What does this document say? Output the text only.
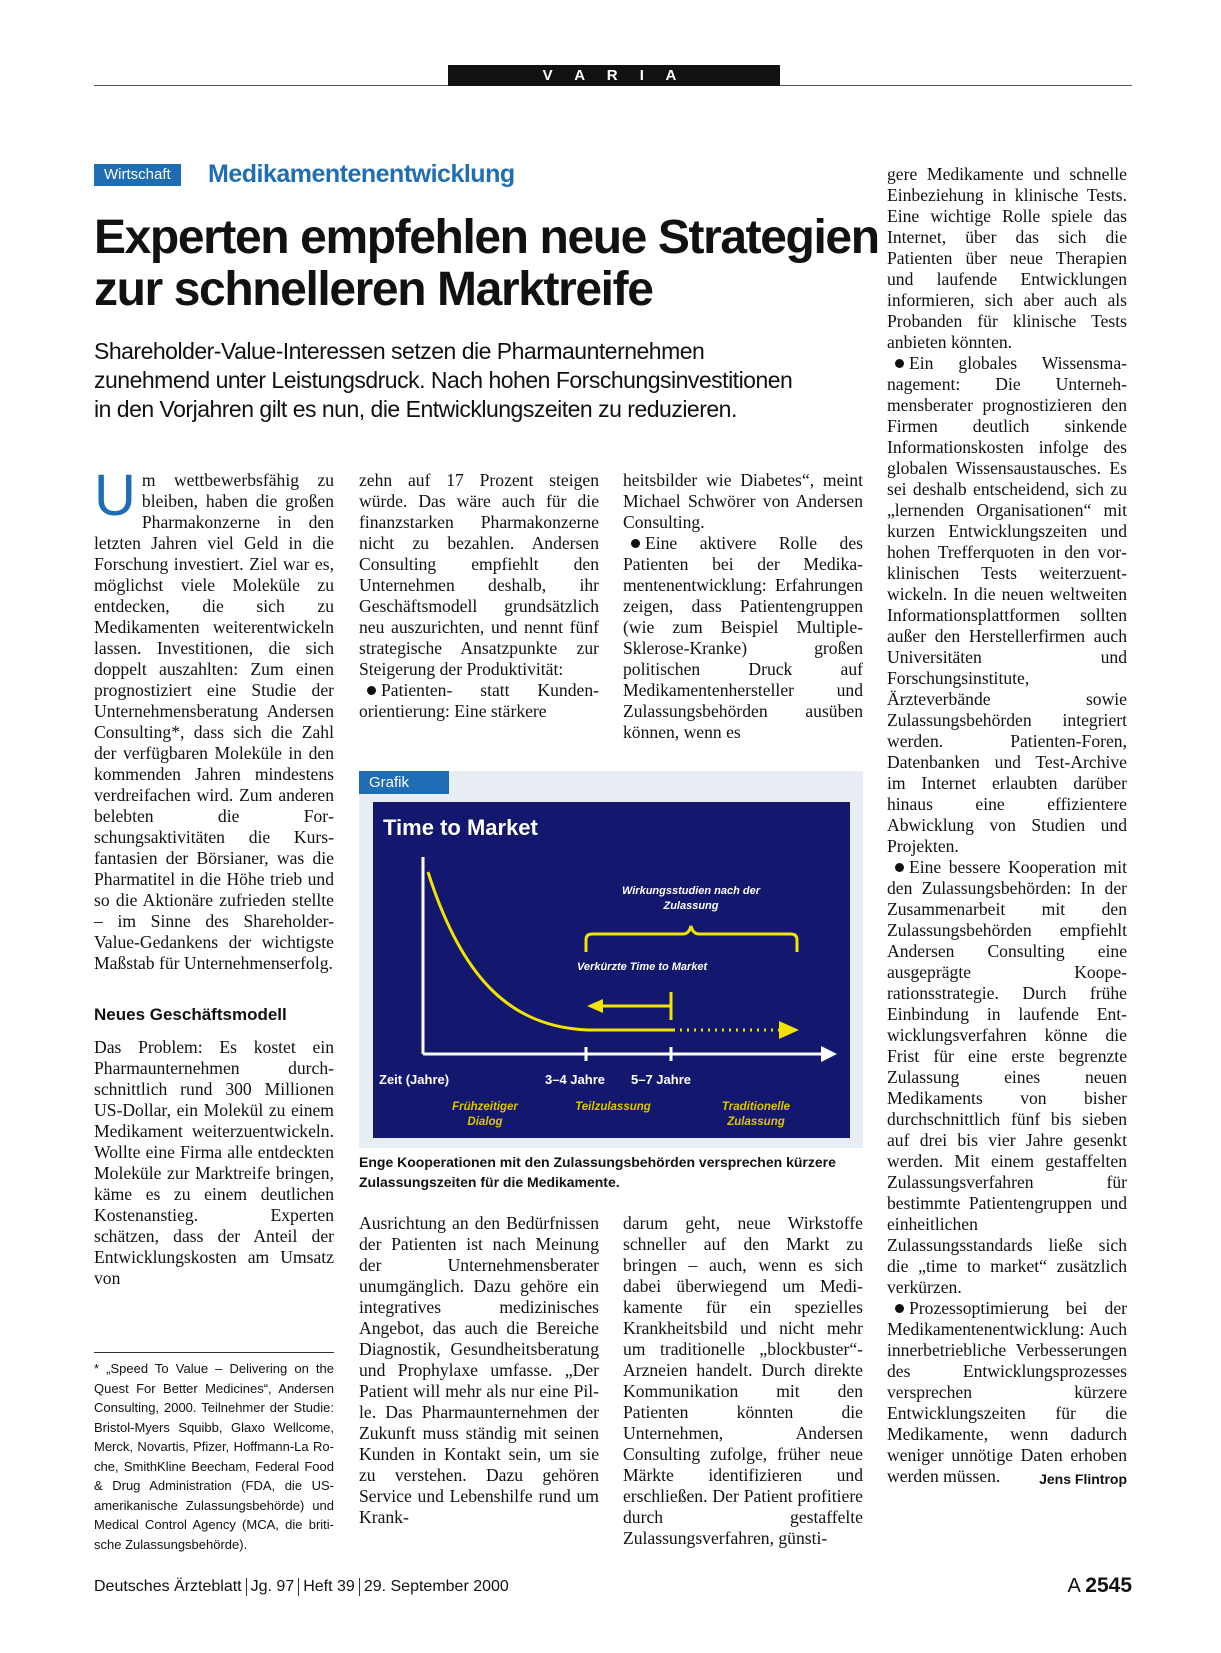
V A R I A
Wirtschaft	Medikamentenentwicklung
Experten empfehlen neue Strategien zur schnelleren Marktreife
Shareholder-Value-Interessen setzen die Pharmaunternehmen zunehmend unter Leistungsdruck. Nach hohen Forschungsinvestitionen in den Vorjahren gilt es nun, die Entwicklungszeiten zu reduzieren.

Um wettbewerbsfähig zu bleiben, haben die großen Pharmakonzerne in den letzten Jahren viel Geld in die Forschung investiert. Ziel war es, möglichst viele Moleküle zu entdecken, die sich zu Medikamenten weiterentwickeln lassen. Investitionen, die sich doppelt auszahlten: Zum einen prognostiziert eine Studie der Unternehmensberatung Andersen Consulting*, dass sich die Zahl der verfügbaren Moleküle in den kommenden Jahren mindestens verdreifachen wird. Zum anderen belebten die Forschungsaktivitäten die Kursfantasien der Börsianer, was die Pharmatitel in die Höhe trieb und so die Aktionäre zufrieden stellte – im Sinne des Shareholder-Value-Gedankens der wichtigste Maßstab für Unternehmenserfolg.

Neues Geschäftsmodell

Das Problem: Es kostet ein Pharmaunternehmen durchschnittlich rund 300 Millionen US-Dollar, ein Molekül zu einem Medikament weiterzuentwickeln. Wollte eine Firma alle entdeckten Moleküle zur Marktreife bringen, käme es zu einem deutlichen Kostenanstieg. Experten schätzen, dass der Anteil der Entwicklungskosten am Umsatz von

* „Speed To Value – Delivering on the Quest For Better Medicines“, Andersen Consulting, 2000. Teilnehmer der Studie: Bristol-Myers Squibb, Glaxo Wellcome, Merck, Novartis, Pfizer, Hoffmann-La Roche, SmithKline Beecham, Federal Food & Drug Administration (FDA, die US-amerikanische Zulassungsbehörde) und Medical Control Agency (MCA, die britische Zulassungsbehörde).

zehn auf 17 Prozent steigen würde. Das wäre auch für die finanzstarken Pharmakonzerne nicht zu bezahlen. Andersen Consulting empfiehlt den Unternehmen deshalb, ihr Geschäftsmodell grundsätzlich neu auszurichten, und nennt fünf strategische Ansatzpunkte zur Steigerung der Produktivität:

Patienten- statt Kundenorientierung: Eine stärkere

heitsbilder wie Diabetes“, meint Michael Schwörer von Andersen Consulting.

Eine aktivere Rolle des Patienten bei der Medikamentenentwicklung: Erfahrungen zeigen, dass Patientengruppen (wie zum Beispiel Multiple-Sklerose-Kranke) großen politischen Druck auf Medikamentenhersteller und Zulassungsbehörden ausüben können, wenn es

Grafik
Time to Market
Wirkungsstudien nach der
Zulassung
Verkürzte Time to Market
Zeit (Jahre)	3–4 Jahre 5–7 Jahre
Frühzeitiger
Dialog
Teilzulassung	Traditionelle
Zulassung
Enge Kooperationen mit den Zulassungsbehörden versprechen kürzere Zulassungszeiten für die Medikamente.

Ausrichtung an den Bedürfnissen der Patienten ist nach Meinung der Unternehmensberater unumgänglich. Dazu gehöre ein integratives medizinisches Angebot, das auch die Bereiche Diagnostik, Gesundheitsberatung und Prophylaxe umfasse. „Der Patient will mehr als nur eine Pille. Das Pharmaunternehmen der Zukunft muss ständig mit seinen Kunden in Kontakt sein, um sie zu verstehen. Dazu gehören Service und Lebenshilfe rund um Krank-

darum geht, neue Wirkstoffe schneller auf den Markt zu bringen – auch, wenn es sich dabei überwiegend um Medikamente für ein spezielles Krankheitsbild und nicht mehr um traditionelle „blockbuster“-Arzneien handelt. Durch direkte Kommunikation mit den Patienten könnten die Unternehmen, Andersen Consulting zufolge, früher neue Märkte identifizieren und erschließen. Der Patient profitiere durch gestaffelte Zulassungsverfahren, günsti-

gere Medikamente und schnelle Einbeziehung in klinische Tests. Eine wichtige Rolle spiele das Internet, über das sich die Patienten über neue Therapien und laufende Entwicklungen informieren, sich aber auch als Probanden für klinische Tests anbieten könnten.

Ein globales Wissensmanagement: Die Unternehmensberater prognostizieren den Firmen deutlich sinkende Informationskosten infolge des globalen Wissensaustausches. Es sei deshalb entscheidend, sich zu „lernenden Organisationen“ mit kurzen Entwicklungszeiten und hohen Trefferquoten in den vorklinischen Tests weiterzuentwickeln. In die neuen weltweiten Informationsplattformen sollten außer den Herstellerfirmen auch Universitäten und Forschungsinstitute, Ärzteverbände sowie Zulassungsbehörden integriert werden. Patienten-Foren, Datenbanken und Test-Archive im Internet erlaubten darüber hinaus eine effizientere Abwicklung von Studien und Projekten.

Eine bessere Kooperation mit den Zulassungsbehörden: In der Zusammenarbeit mit den Zulassungsbehörden empfiehlt Andersen Consulting eine ausgeprägte Kooperationsstrategie. Durch frühe Einbindung in laufende Entwicklungsverfahren könne die Frist für eine erste begrenzte Zulassung eines neuen Medikaments von bisher durchschnittlich fünf bis sieben auf drei bis vier Jahre gesenkt werden. Mit einem gestaffelten Zulassungsverfahren für bestimmte Patientengruppen und einheitlichen Zulassungsstandards ließe sich die „time to market“ zusätzlich verkürzen.

Prozessoptimierung bei der Medikamentenentwicklung: Auch innerbetriebliche Verbesserungen des Entwicklungsprozesses versprechen kürzere Entwicklungszeiten für die Medikamente, wenn dadurch weniger unnötige Daten erhoben werden müssen.	Jens Flintrop

Deutsches Ärzteblatt Jg. 97 Heft 39 29. September 2000	A 2545
